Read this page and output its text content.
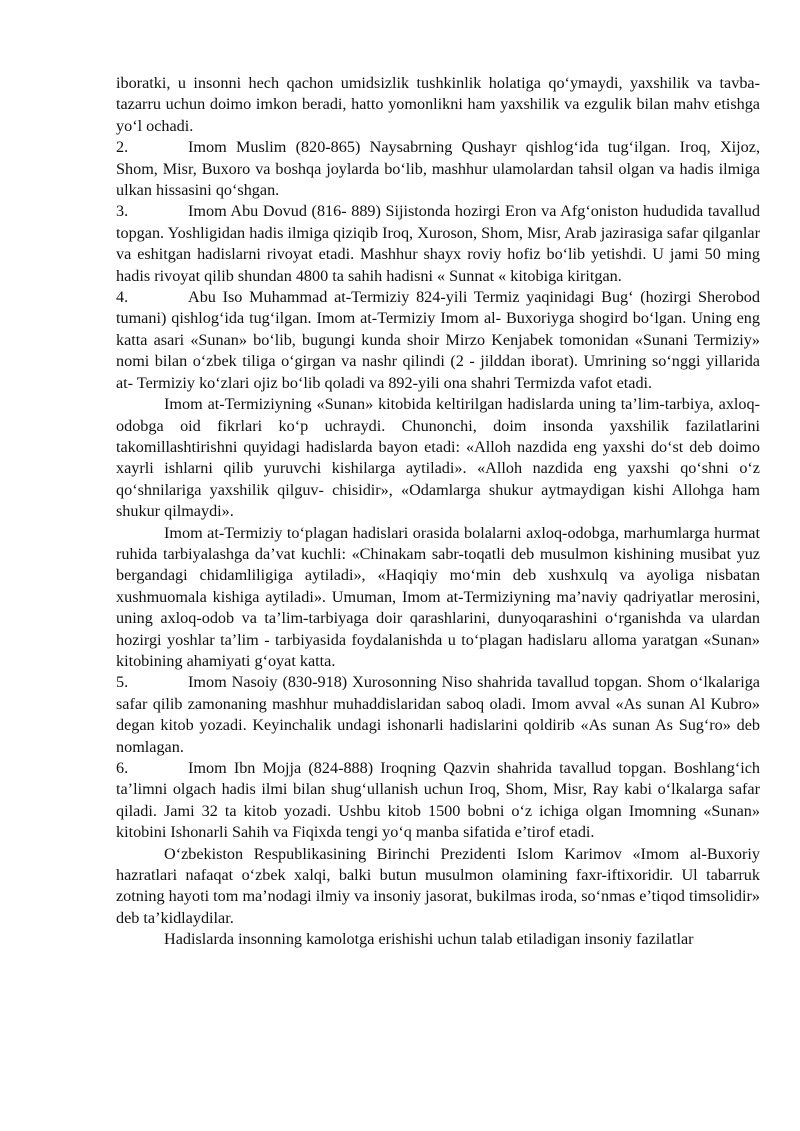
iboratki, u insonni hech qachon umidsizlik tushkinlik holatiga qo‘ymaydi, yaxshilik va tavba-tazarru uchun doimo imkon beradi, hatto yomonlikni ham yaxshilik va ezgulik bilan mahv etishga yo‘l ochadi.

2.	Imom Muslim (820-865) Naysabrning Qushayr qishlog‘ida tug‘ilgan. Iroq, Xijoz, Shom, Misr, Buxoro va boshqa joylarda bo‘lib, mashhur ulamolardan tahsil olgan va hadis ilmiga ulkan hissasini qo‘shgan.

3.	Imom Abu Dovud (816- 889) Sijistonda hozirgi Eron va Afg‘oniston hududida tavallud topgan. Yoshligidan hadis ilmiga qiziqib Iroq, Xuroson, Shom, Misr, Arab jazirasiga safar qilganlar va eshitgan hadislarni rivoyat etadi. Mashhur shayx roviy hofiz bo‘lib yetishdi. U jami 50 ming hadis rivoyat qilib shundan 4800 ta sahih hadisni « Sunnat « kitobiga kiritgan.

4.	Abu Iso Muhammad at-Termiziy 824-yili Termiz yaqinidagi Bug‘ (hozirgi Sherobod tumani) qishlog‘ida tug‘ilgan. Imom at-Termiziy Imom al- Buxoriyga shogird bo‘lgan. Uning eng katta asari «Sunan» bo‘lib, bugungi kunda shoir Mirzo Kenjabek tomonidan «Sunani Termiziy» nomi bilan o‘zbek tiliga o‘girgan va nashr qilindi (2 - jilddan iborat). Umrining so‘nggi yillarida at- Termiziy ko‘zlari ojiz bo‘lib qoladi va 892-yili ona shahri Termizda vafot etadi.

Imom at-Termiziyning «Sunan» kitobida keltirilgan hadislarda uning ta’lim-tarbiya, axloq-odobga oid fikrlari ko‘p uchraydi. Chunonchi, doim insonda yaxshilik fazilatlarini takomillashtirishni quyidagi hadislarda bayon etadi: «Alloh nazdida eng yaxshi do‘st deb doimo xayrli ishlarni qilib yuruvchi kishilarga aytiladi». «Alloh nazdida eng yaxshi qo‘shni o‘z qo‘shnilariga yaxshilik qilguv- chisidir», «Odamlarga shukur aytmaydigan kishi Allohga ham shukur qilmaydi».

Imom at-Termiziy to‘plagan hadislari orasida bolalarni axloq-odobga, marhumlarga hurmat ruhida tarbiyalashga da’vat kuchli: «Chinakam sabr-toqatli deb musulmon kishining musibat yuz bergandagi chidamliligiga aytiladi», «Haqiqiy mo‘min deb xushxulq va ayoliga nisbatan xushmuomala kishiga aytiladi». Umuman, Imom at-Termiziyning ma’naviy qadriyatlar merosini, uning axloq-odob va ta’lim-tarbiyaga doir qarashlarini, dunyoqarashini o‘rganishda va ulardan hozirgi yoshlar ta’lim - tarbiyasida foydalanishda u to‘plagan hadislaru alloma yaratgan «Sunan» kitobining ahamiyati g‘oyat katta.

5.	Imom Nasoiy (830-918) Xurosonning Niso shahrida tavallud topgan. Shom o‘lkalariga safar qilib zamonaning mashhur muhaddislaridan saboq oladi. Imom avval «As sunan Al Kubro» degan kitob yozadi. Keyinchalik undagi ishonarli hadislarini qoldirib «As sunan As Sug‘ro» deb nomlagan.

6.	Imom Ibn Mojja (824-888) Iroqning Qazvin shahrida tavallud topgan. Boshlang‘ich ta’limni olgach hadis ilmi bilan shug‘ullanish uchun Iroq, Shom, Misr, Ray kabi o‘lkalarga safar qiladi. Jami 32 ta kitob yozadi. Ushbu kitob 1500 bobni o‘z ichiga olgan Imomning «Sunan» kitobini Ishonarli Sahih va Fiqixda tengi yo‘q manba sifatida e’tirof etadi.

O‘zbekiston Respublikasining Birinchi Prezidenti Islom Karimov «Imom al-Buxoriy hazratlari nafaqat o‘zbek xalqi, balki butun musulmon olamining faxr-iftixoridir. Ul tabarruk zotning hayoti tom ma’nodagi ilmiy va insoniy jasorat, bukilmas iroda, so‘nmas e’tiqod timsolidir» deb ta’kidlaydilar.

Hadislarda insonning kamolotga erishishi uchun talab etiladigan insoniy fazilatlar
